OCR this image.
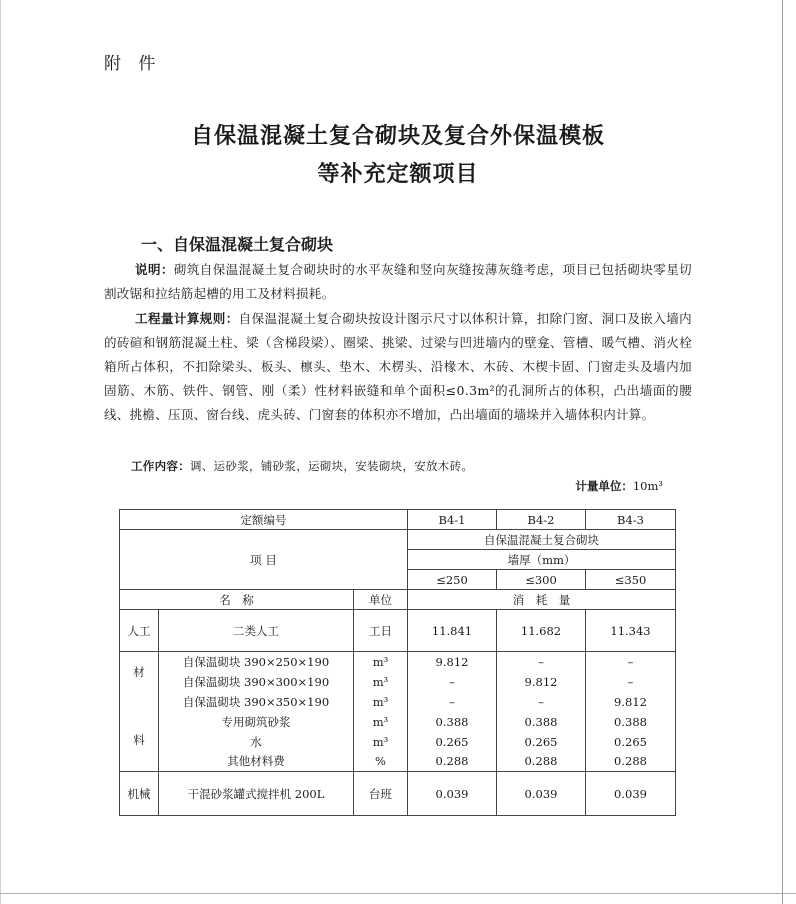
附 件
自保温混凝土复合砌块及复合外保温模板
等补充定额项目
一、自保温混凝土复合砌块
说明：砌筑自保温混凝土复合砌块时的水平灰缝和竖向灰缝按薄灰缝考虑，项目已包括砌块零星切割改锯和拉结筋起槽的用工及材料损耗。
工程量计算规则：自保温混凝土复合砌块按设计图示尺寸以体积计算，扣除门窗、洞口及嵌入墙内的砖碹和钢筋混凝土柱、梁（含梯段梁）、圈梁、挑梁、过梁与凹进墙内的壁龛、管槽、暖气槽、消火栓箱所占体积，不扣除梁头、板头、檩头、垫木、木楞头、沿椽木、木砖、木楔卡固、门窗走头及墙内加固筋、木筋、铁件、钢管、刚（柔）性材料嵌缝和单个面积≤0.3m²的孔洞所占的体积，凸出墙面的腰线、挑檐、压顶、窗台线、虎头砖、门窗套的体积亦不增加，凸出墙面的墙垛并入墙体积内计算。
工作内容：调、运砂浆，铺砂浆，运砌块，安装砌块，安放木砖。
计量单位：10m³
定额编号			B4-1	B4-2	B4-3
项 目			自保温混凝土复合砌块		
			墙厚（mm）		
			≤250	≤300	≤350
名　称		单位	消　耗　量		
人工	二类人工	工日	11.841	11.682	11.343
材	自保温砌块 390×250×190	m³	9.812	–	–
	自保温砌块 390×300×190	m³	–	9.812	–
	自保温砌块 390×350×190	m³	–	–	9.812
	专用砌筑砂浆	m³	0.388	0.388	0.388
料	水	m³	0.265	0.265	0.265
	其他材料费	%	0.288	0.288	0.288
机械	干混砂浆罐式搅拌机 200L	台班	0.039	0.039	0.039
